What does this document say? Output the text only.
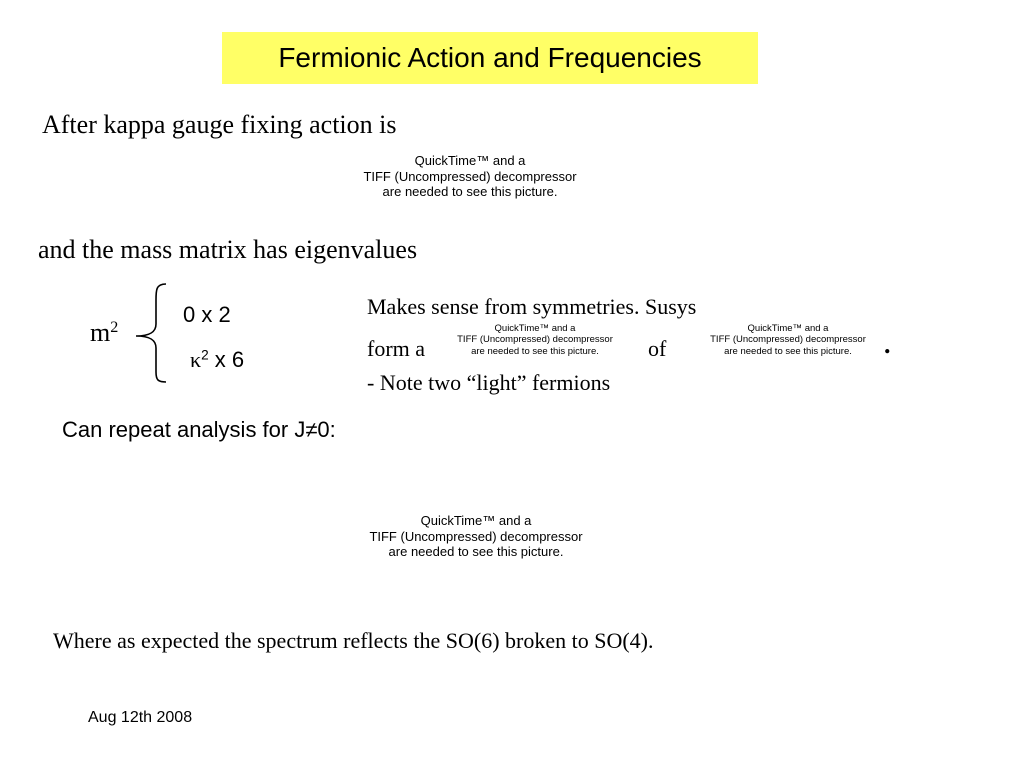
Fermionic Action and Frequencies
After kappa gauge fixing action is
QuickTime™ and a
TIFF (Uncompressed) decompressor
are needed to see this picture.
and the mass matrix has eigenvalues
$m^2$
0 x 2
$\kappa^2$ x 6
Makes sense from symmetries. Susys
form a
QuickTime™ and a
TIFF (Uncompressed) decompressor
are needed to see this picture.	of
QuickTime™ and a
TIFF (Uncompressed) decompressor
are needed to see this picture.	.
- Note two “light” fermions
Can repeat analysis for J≠0:
QuickTime™ and a
TIFF (Uncompressed) decompressor
are needed to see this picture.
Where as expected the spectrum reflects the SO(6) broken to SO(4).
Aug 12th 2008
